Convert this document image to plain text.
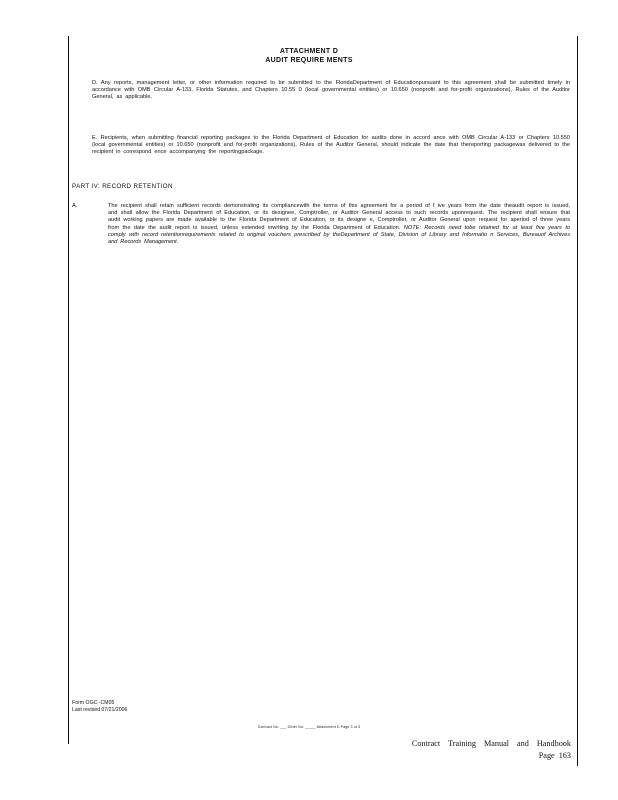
ATTACHMENT D
AUDIT REQUIRE MENTS
D. Any reports, management letter, or other information required to be submitted to the FloridaDepartment of Educationpursuant to this agreement shall be submitted timely in accordance with OMB Circular A-133, Florida Statutes, and Chapters 10.55 0 (local governmental entities) or 10.650 (nonprofit and for-profit organizations), Rules of the Auditor General, as applicable.
E. Recipients, when submitting financial reporting packages to the Florida Department of Education for audits done in accord ance with OMB Circular A-133 or Chapters 10.550 (local governmental entities) or 10.650 (nonprofit and for-profit organizations), Rules of the Auditor General, should indicate the date that thereporting packagewas delivered to the recipient in correspond ence accompanying the reportingpackage.
PART IV: RECORD RETENTION
A.	The recipient shall retain sufficient records demonstrating its compliancewith the terms of this agreement for a period of f ive years from the date theaudit report is issued, and shall allow the Florida Department of Education, or its designee, Comptroller, or Auditor General access to such records uponrequest. The recipient shall ensure that audit working papers are made available to the Florida Department of Education, or its designe e, Comptroller, or Auditor General upon request for aperiod of three years from the date the audit report is issued, unless extended inwriting by the Florida Department of Education. NOTE: Records need tobe retained for at least five years to comply with record retentionrequirements related to original vouchers prescribed by theDepartment of State, Division of Library and Informatio n Services, Bureauof Archives and Records Management.
Form OGC -CM05
Last revised 07/21/2006
Contract No: ___ Other No: _____ Attachment D Page 3 of 3
Contract Training Manual and Handbook
Page 163
